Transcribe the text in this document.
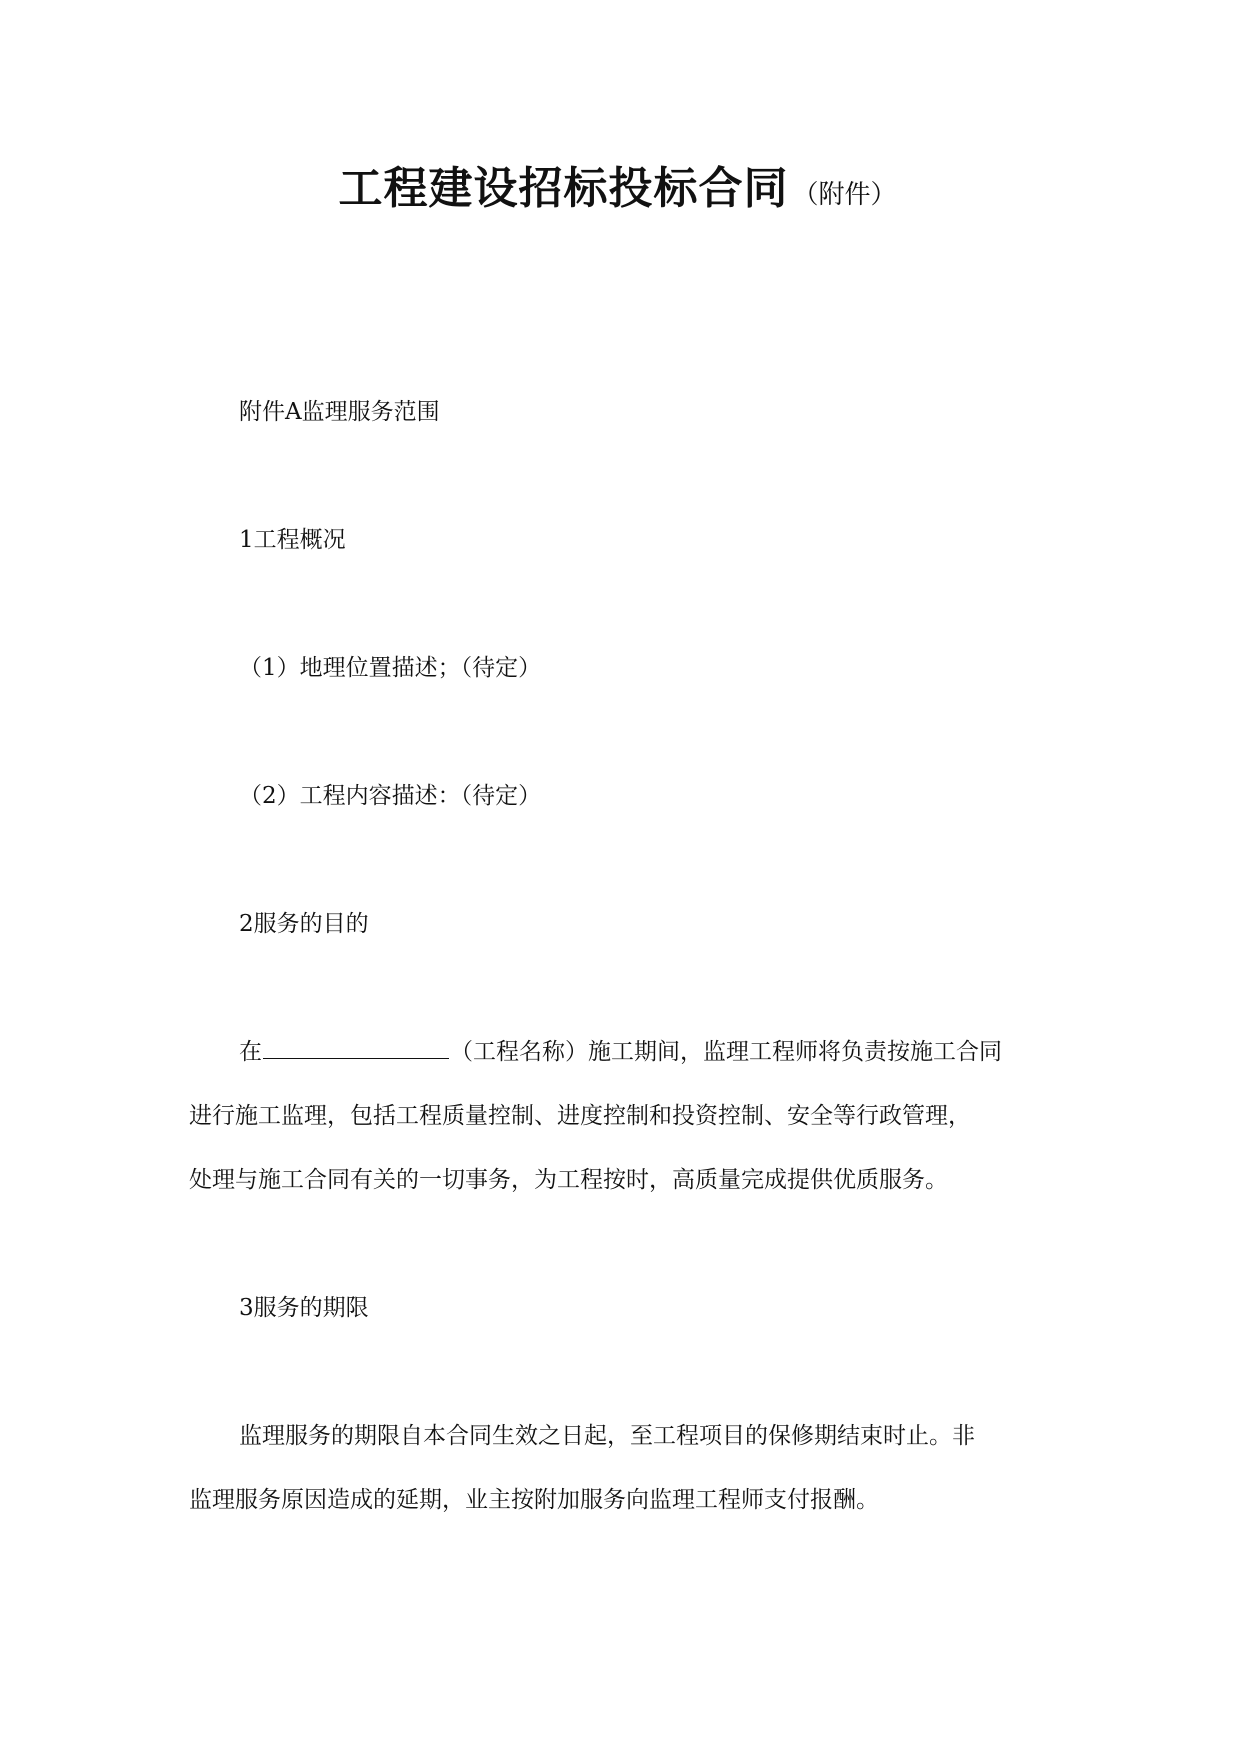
工程建设招标投标合同 （附件）
附件A监理服务范围
1工程概况
（1）地理位置描述；（待定）
（2）工程内容描述：（待定）
2服务的目的
在	（工程名称）施工期间，监理工程师将负责按施工合同
进行施工监理，包括工程质量控制、进度控制和投资控制、安全等行政管理，
处理与施工合同有关的一切事务，为工程按时，高质量完成提供优质服务。
3服务的期限
监理服务的期限自本合同生效之日起，至工程项目的保修期结束时止。非
监理服务原因造成的延期，业主按附加服务向监理工程师支付报酬。
